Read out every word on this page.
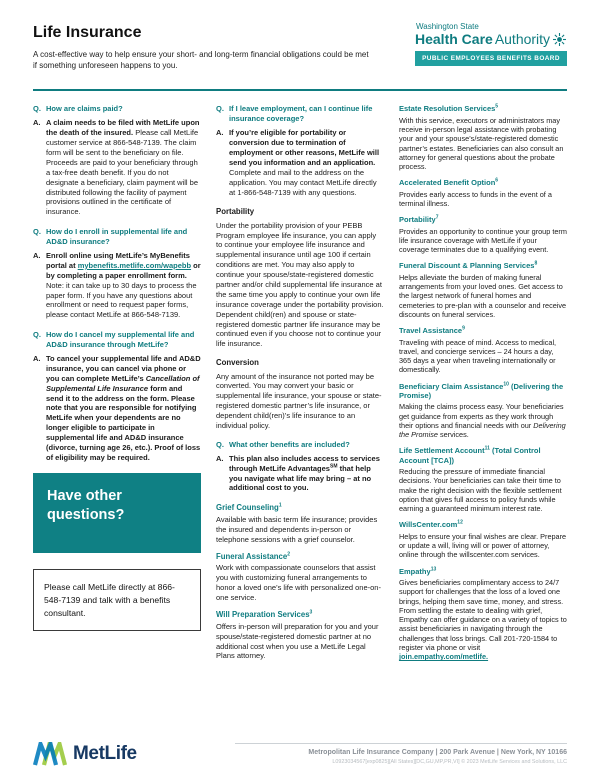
Life Insurance

A cost-effective way to help ensure your short- and long-term financial obligations could be met if something unforeseen happens to you.

Washington State
Health Care Authority
PUBLIC EMPLOYEES BENEFITS BOARD
Q. How are claims paid?
A. A claim needs to be filed with MetLife upon the death of the insured. Please call MetLife customer service at 866-548-7139. The claim form will be sent to the beneficiary on file. Proceeds are paid to your beneficiary through a tax-free death benefit. If you do not designate a beneficiary, claim payment will be distributed following the facility of payment provisions outlined in the certificate of insurance.
Q. How do I enroll in supplemental life and AD&D insurance?
A. Enroll online using MetLife’s MyBenefits portal at mybenefits.metlife.com/wapebb or by completing a paper enrollment form. Note: it can take up to 30 days to process the paper form. If you have any questions about enrollment or need to request paper forms, please contact MetLife at 866-548-7139.
Q. How do I cancel my supplemental life and AD&D insurance through MetLife?
A. To cancel your supplemental life and AD&D insurance, you can cancel via phone or you can complete MetLife’s Cancellation of Supplemental Life Insurance form and send it to the address on the form. Please note that you are responsible for notifying MetLife when your dependents are no longer eligible to participate in supplemental life and AD&D insurance (divorce, turning age 26, etc.). Proof of loss of eligibility may be required.
Have other questions?
Please call MetLife directly at 866-548-7139 and talk with a benefits consultant.
Q. If I leave employment, can I continue life insurance coverage?
A. If you’re eligible for portability or conversion due to termination of employment or other reasons, MetLife will send you information and an application. Complete and mail to the address on the application. You may contact MetLife directly at 1-866-548-7139 with any questions.
Portability

Under the portability provision of your PEBB Program employee life insurance, you can apply to continue your employee life insurance and supplemental insurance until age 100 if certain conditions are met. You may also apply to continue your spouse/state-registered domestic partner and/or child supplemental life insurance at the same time you apply to continue your own life insurance coverage under the portability provision. Dependent child(ren) and spouse or state-registered domestic partner life insurance may be continued even if you choose not to continue your life insurance.

Conversion

Any amount of the insurance not ported may be converted. You may convert your basic or supplemental life insurance, your spouse or state-registered domestic partner’s life insurance, or dependent child(ren)’s life insurance to an individual policy.

Q. What other benefits are included?
A. This plan also includes access to services through MetLife Advantages℠ that help you navigate what life may bring – at no additional cost to you.
Grief Counseling$^1$

Available with basic term life insurance; provides the insured and dependents in-person or telephone sessions with a grief counselor.

Funeral Assistance$^2$

Work with compassionate counselors that assist you with customizing funeral arrangements to honor a loved one’s life with personalized one-on-one service.

Will Preparation Services$^3$

Offers in-person will preparation for you and your spouse/state-registered domestic partner at no additional cost when you use a MetLife Legal Plans attorney.

Estate Resolution Services$^5$

With this service, executors or administrators may receive in-person legal assistance with probating your and your spouse’s/state-registered domestic partner’s estates. Beneficiaries can also consult an attorney for general questions about the probate process.

Accelerated Benefit Option$^6$

Provides early access to funds in the event of a terminal illness.

Portability$^7$

Provides an opportunity to continue your group term life insurance coverage with MetLife if your coverage terminates due to a qualifying event.

Funeral Discount & Planning Services$^8$

Helps alleviate the burden of making funeral arrangements from your loved ones. Get access to the largest network of funeral homes and cemeteries to pre-plan with a counselor and receive discounts on funeral services.

Travel Assistance$^9$

Traveling with peace of mind. Access to medical, travel, and concierge services – 24 hours a day, 365 days a year when traveling internationally or domestically.

Beneficiary Claim Assistance$^{10}$ (Delivering the Promise)

Making the claims process easy. Your beneficiaries get guidance from experts as they work through their options and financial needs with our Delivering the Promise services.

Life Settlement Account$^{11}$ (Total Control Account [TCA])

Reducing the pressure of immediate financial decisions. Your beneficiaries can take their time to make the right decision with the flexible settlement option that gives full access to policy funds while earning a guaranteed minimum interest rate.

WillsCenter.com$^{12}$

Helps to ensure your final wishes are clear. Prepare or update a will, living will or power of attorney, online through the willscenter.com services.

Empathy$^{13}$

Gives beneficiaries complimentary access to 24/7 support for challenges that the loss of a loved one brings, helping them save time, money, and stress. From settling the estate to dealing with grief, Empathy can offer guidance on a variety of topics to assist beneficiaries in navigating through the challenges that loss brings. Call 201-720-1584 to register via phone or visit join.empathy.com/metlife.

MetLife	Metropolitan Life Insurance Company | 200 Park Avenue | New York, NY 10166
L0923034567[exp0825][All States][DC,GU,MP,PR,VI] © 2023 MetLife Services and Solutions, LLC
